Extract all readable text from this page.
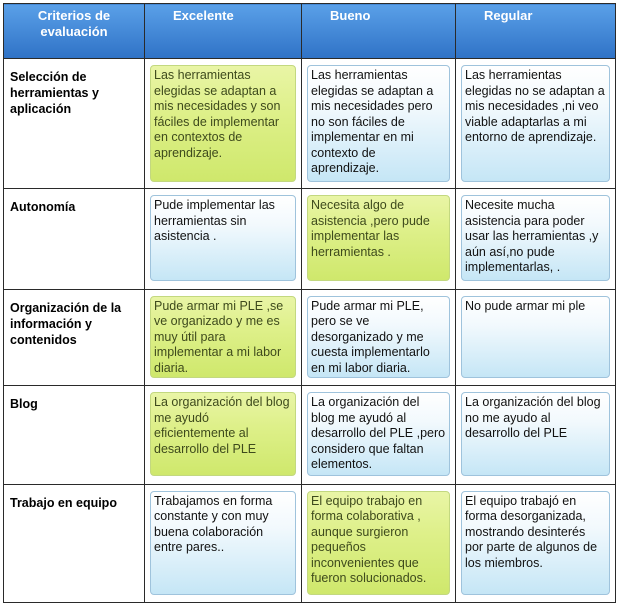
Criterios de evaluación	Excelente	Bueno	Regular

Selección de herramientas y aplicación	Las herramientas elegidas se adaptan a mis necesidades y son fáciles de implementar en contextos de aprendizaje.	Las herramientas elegidas se adaptan a mis necesidades pero no son fáciles de implementar en mi contexto de aprendizaje.	Las herramientas elegidas no se adaptan a mis necesidades ,ni veo viable adaptarlas a mi entorno de aprendizaje.

Autonomía	Pude implementar las herramientas sin asistencia .	Necesita algo de asistencia ,pero pude implementar las herramientas .	Necesite mucha asistencia para poder usar las herramientas ,y aún así,no pude implementarlas, .

Organización de la información y contenidos	Pude armar mi PLE ,se ve organizado y me es muy útil para implementar a mi labor diaria.	Pude armar mi PLE, pero se ve desorganizado y me cuesta implementarlo en mi labor diaria.	No pude armar mi ple

Blog	La organización del blog me ayudó eficientemente al desarrollo del PLE	La organización del blog me ayudó al desarrollo del PLE ,pero considero que faltan elementos.	La organización del blog no me ayudo al desarrollo del PLE

Trabajo en equipo	Trabajamos en forma constante y con muy buena colaboración entre pares..	El equipo trabajo en forma colaborativa , aunque surgieron pequeños inconvenientes que fueron solucionados.	El equipo trabajó en forma desorganizada, mostrando desinterés por parte de algunos de los miembros.
